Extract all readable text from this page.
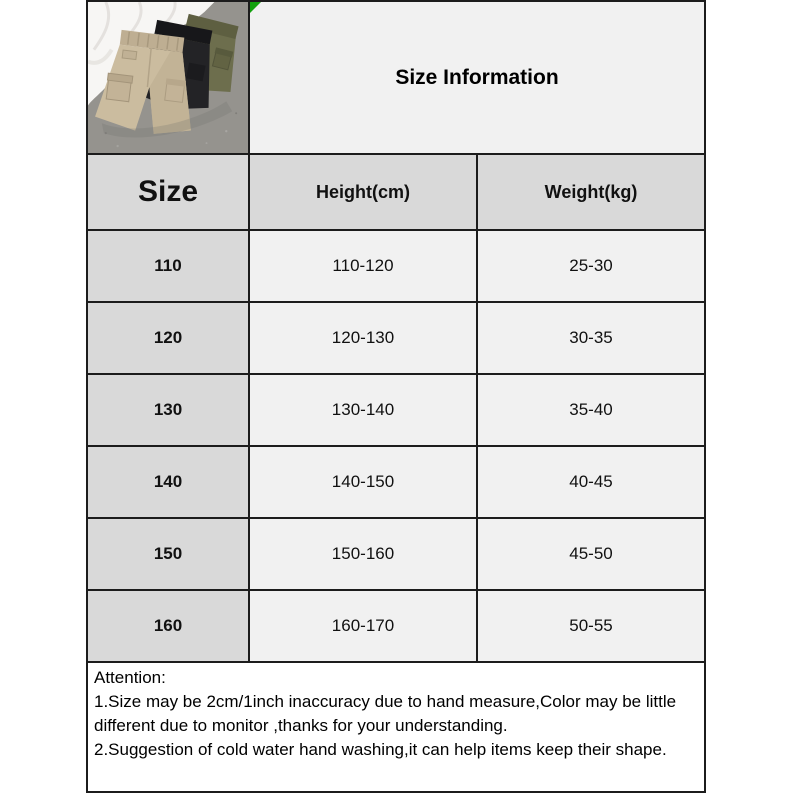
Size Information
Size	Height(cm)	Weight(kg)
110	110-120	25-30
120	120-130	30-35
130	130-140	35-40
140	140-150	40-45
150	150-160	45-50
160	160-170	50-55

Attention:

1.Size may be 2cm/1inch inaccuracy due to hand measure,Color may be little different due to monitor ,thanks for your understanding.

2.Suggestion of cold water hand washing,it can help items keep their shape.
